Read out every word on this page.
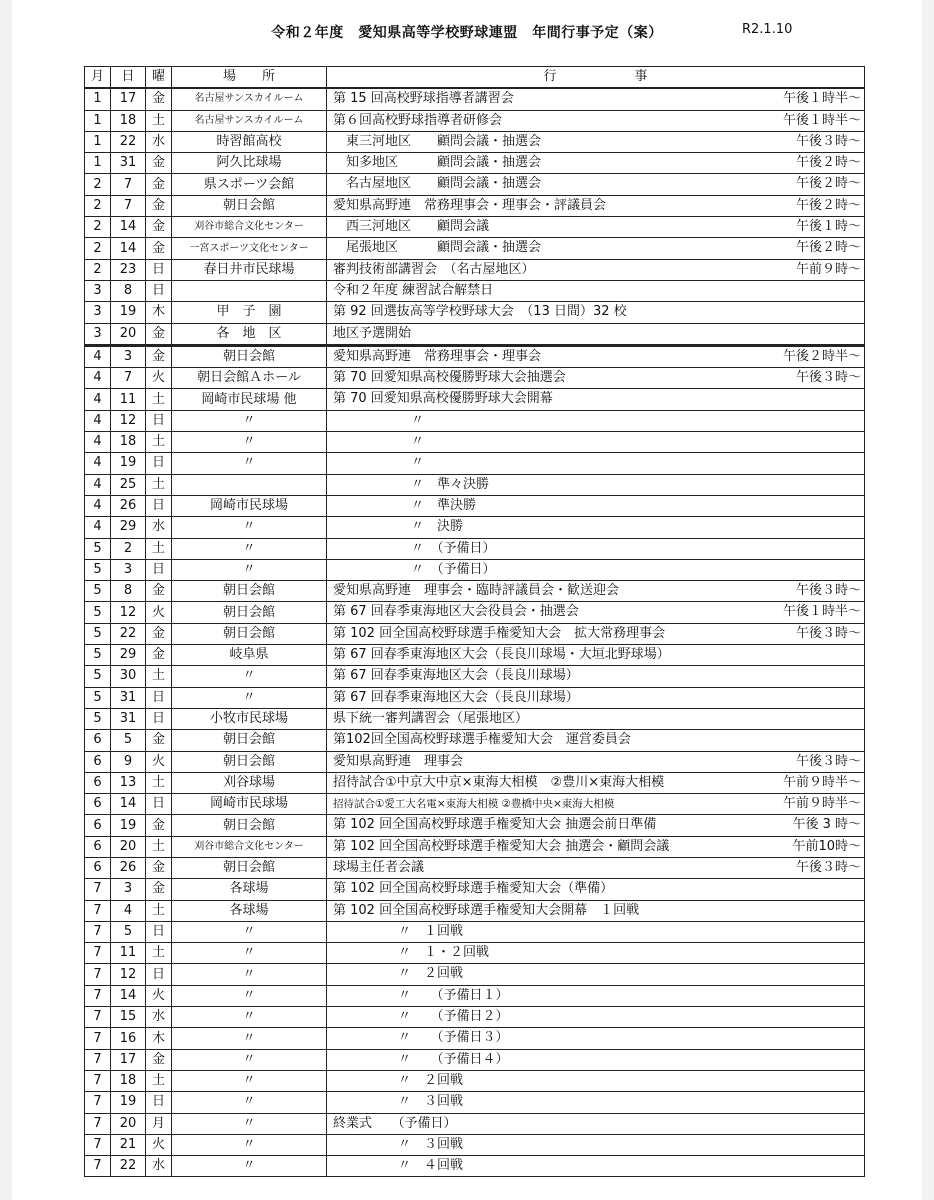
令和２年度　愛知県高等学校野球連盟　年間行事予定（案）	R2.1.10
月	日	曜	場　　所	行　　　　　　事
1	17	金	名古屋サンスカイルーム	第 15 回高校野球指導者講習会 午後１時半～

1	18	土	名古屋サンスカイルーム	第６回高校野球指導者研修会 午後１時半～

1	22	水	時習館高校	　東三河地区　　顧問会議・抽選会 午後３時～

1	31	金	阿久比球場	　知多地区　　　顧問会議・抽選会 午後２時～

2	7	金	県スポーツ会館	　名古屋地区　　顧問会議・抽選会 午後２時～

2	7	金	朝日会館	愛知県高野連　常務理事会・理事会・評議員会 午後２時～

2	14	金	刈谷市総合文化センター	　西三河地区　　顧問会議 午後１時～

2	14	金	一宮スポーツ文化センター	　尾張地区　　　顧問会議・抽選会 午後２時～

2	23	日	春日井市民球場	審判技術部講習会　（名古屋地区） 午前９時～

3	8	日		令和２年度 練習試合解禁日

3	19	木	甲　子　園	第 92 回選抜高等学校野球大会　（13 日間）32 校

3	20	金	各　地　区	地区予選開始

4	3	金	朝日会館	愛知県高野連　常務理事会・理事会 午後２時半～

4	7	火	朝日会館Ａホール	第 70 回愛知県高校優勝野球大会抽選会 午後３時～

4	11	土	岡崎市民球場 他	第 70 回愛知県高校優勝野球大会開幕

4	12	日	〃	　　　　　　〃

4	18	土	〃	　　　　　　〃

4	19	日	〃	　　　　　　〃

4	25	土		　　　　　　〃　準々決勝

4	26	日	岡崎市民球場	　　　　　　〃　準決勝

4	29	水	〃	　　　　　　〃　決勝

5	2	土	〃	　　　　　　〃　（予備日）

5	3	日	〃	　　　　　　〃　（予備日）

5	8	金	朝日会館	愛知県高野連　理事会・臨時評議員会・歓送迎会 午後３時～

5	12	火	朝日会館	第 67 回春季東海地区大会役員会・抽選会 午後１時半～

5	22	金	朝日会館	第 102 回全国高校野球選手権愛知大会　拡大常務理事会 午後３時～

5	29	金	岐阜県	第 67 回春季東海地区大会（長良川球場・大垣北野球場）

5	30	土	〃	第 67 回春季東海地区大会（長良川球場）

5	31	日	〃	第 67 回春季東海地区大会（長良川球場）

5	31	日	小牧市民球場	県下統一審判講習会（尾張地区）

6	5	金	朝日会館	第102回全国高校野球選手権愛知大会　運営委員会

6	9	火	朝日会館	愛知県高野連　理事会 午後３時～

6	13	土	刈谷球場	招待試合①中京大中京×東海大相模　②豊川×東海大相模 午前９時半～

6	14	日	岡崎市民球場	招待試合①愛工大名電×東海大相模 ②豊橋中央×東海大相模 午前９時半～

6	19	金	朝日会館	第 102 回全国高校野球選手権愛知大会 抽選会前日準備 午後 3 時～

6	20	土	刈谷市総合文化センター	第 102 回全国高校野球選手権愛知大会 抽選会・顧問会議 午前10時～

6	26	金	朝日会館	球場主任者会議 午後３時～

7	3	金	各球場	第 102 回全国高校野球選手権愛知大会（準備）

7	4	土	各球場	第 102 回全国高校野球選手権愛知大会開幕　１回戦

7	5	日	〃	　　　　　〃　１回戦

7	11	土	〃	　　　　　〃　１・２回戦

7	12	日	〃	　　　　　〃　２回戦

7	14	火	〃	　　　　　〃　　（予備日１）

7	15	水	〃	　　　　　〃　　（予備日２）

7	16	木	〃	　　　　　〃　　（予備日３）

7	17	金	〃	　　　　　〃　　（予備日４）

7	18	土	〃	　　　　　〃　２回戦

7	19	日	〃	　　　　　〃　３回戦

7	20	月	〃	終業式　　（予備日）

7	21	火	〃	　　　　　〃　３回戦

7	22	水	〃	　　　　　〃　４回戦
